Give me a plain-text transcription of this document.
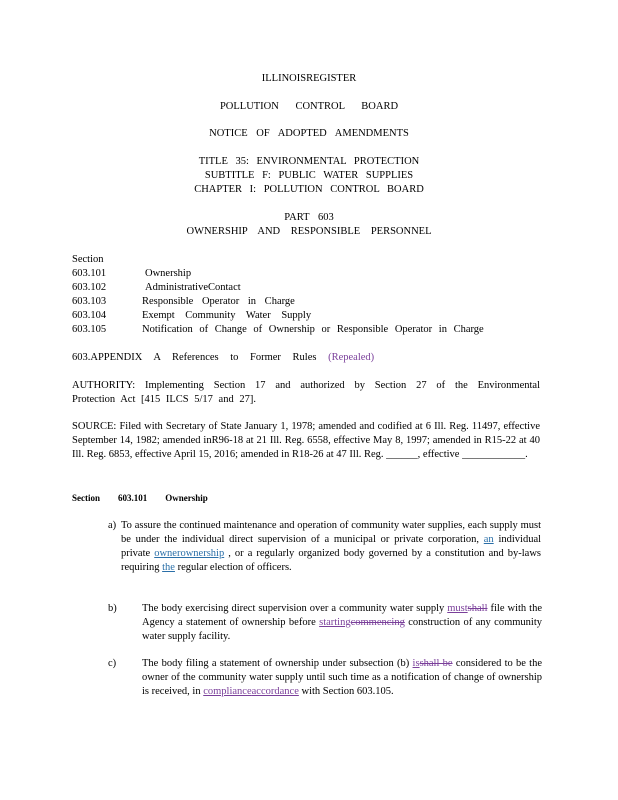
ILLINOISREGISTER
POLLUTION CONTROL BOARD
NOTICE OF ADOPTED AMENDMENTS
TITLE 35: ENVIRONMENTAL PROTECTION
SUBTITLE F: PUBLIC WATER SUPPLIES
CHAPTER I: POLLUTION CONTROL BOARD
PART 603
OWNERSHIP AND RESPONSIBLE PERSONNEL
Section
603.101	Ownership
603.102	AdministrativeContact
603.103	Responsible Operator in Charge
603.104	Exempt Community Water Supply
603.105	Notification of Change of Ownership or Responsible Operator in Charge
603.APPENDIX A References to Former Rules (Repealed)
AUTHORITY: Implementing Section 17 and authorized by Section 27 of the Environmental Protection Act [415 ILCS 5/17 and 27].
SOURCE: Filed with Secretary of State January 1, 1978; amended and codified at 6 Ill. Reg. 11497, effective September 14, 1982; amended inR96-18 at 21 Ill. Reg. 6558, effective May 8, 1997; amended in R15-22 at 40 Ill. Reg. 6853, effective April 15, 2016; amended in R18-26 at 47 Ill. Reg. ______, effective ____________.
Section 603.101 Ownership
a) To assure the continued maintenance and operation of community water supplies, each supply must be under the individual direct supervision of a municipal or private corporation, an individual private ownerownership , or a regularly organized body governed by a constitution and by-laws requiring the regular election of officers.
b) The body exercising direct supervision over a community water supply mustshall file with the Agency a statement of ownership before startingcommencing construction of any community water supply facility.
c) The body filing a statement of ownership under subsection (b) isshall be considered to be the owner of the community water supply until such time as a notification of change of ownership is received, in complianceaccordance with Section 603.105.
